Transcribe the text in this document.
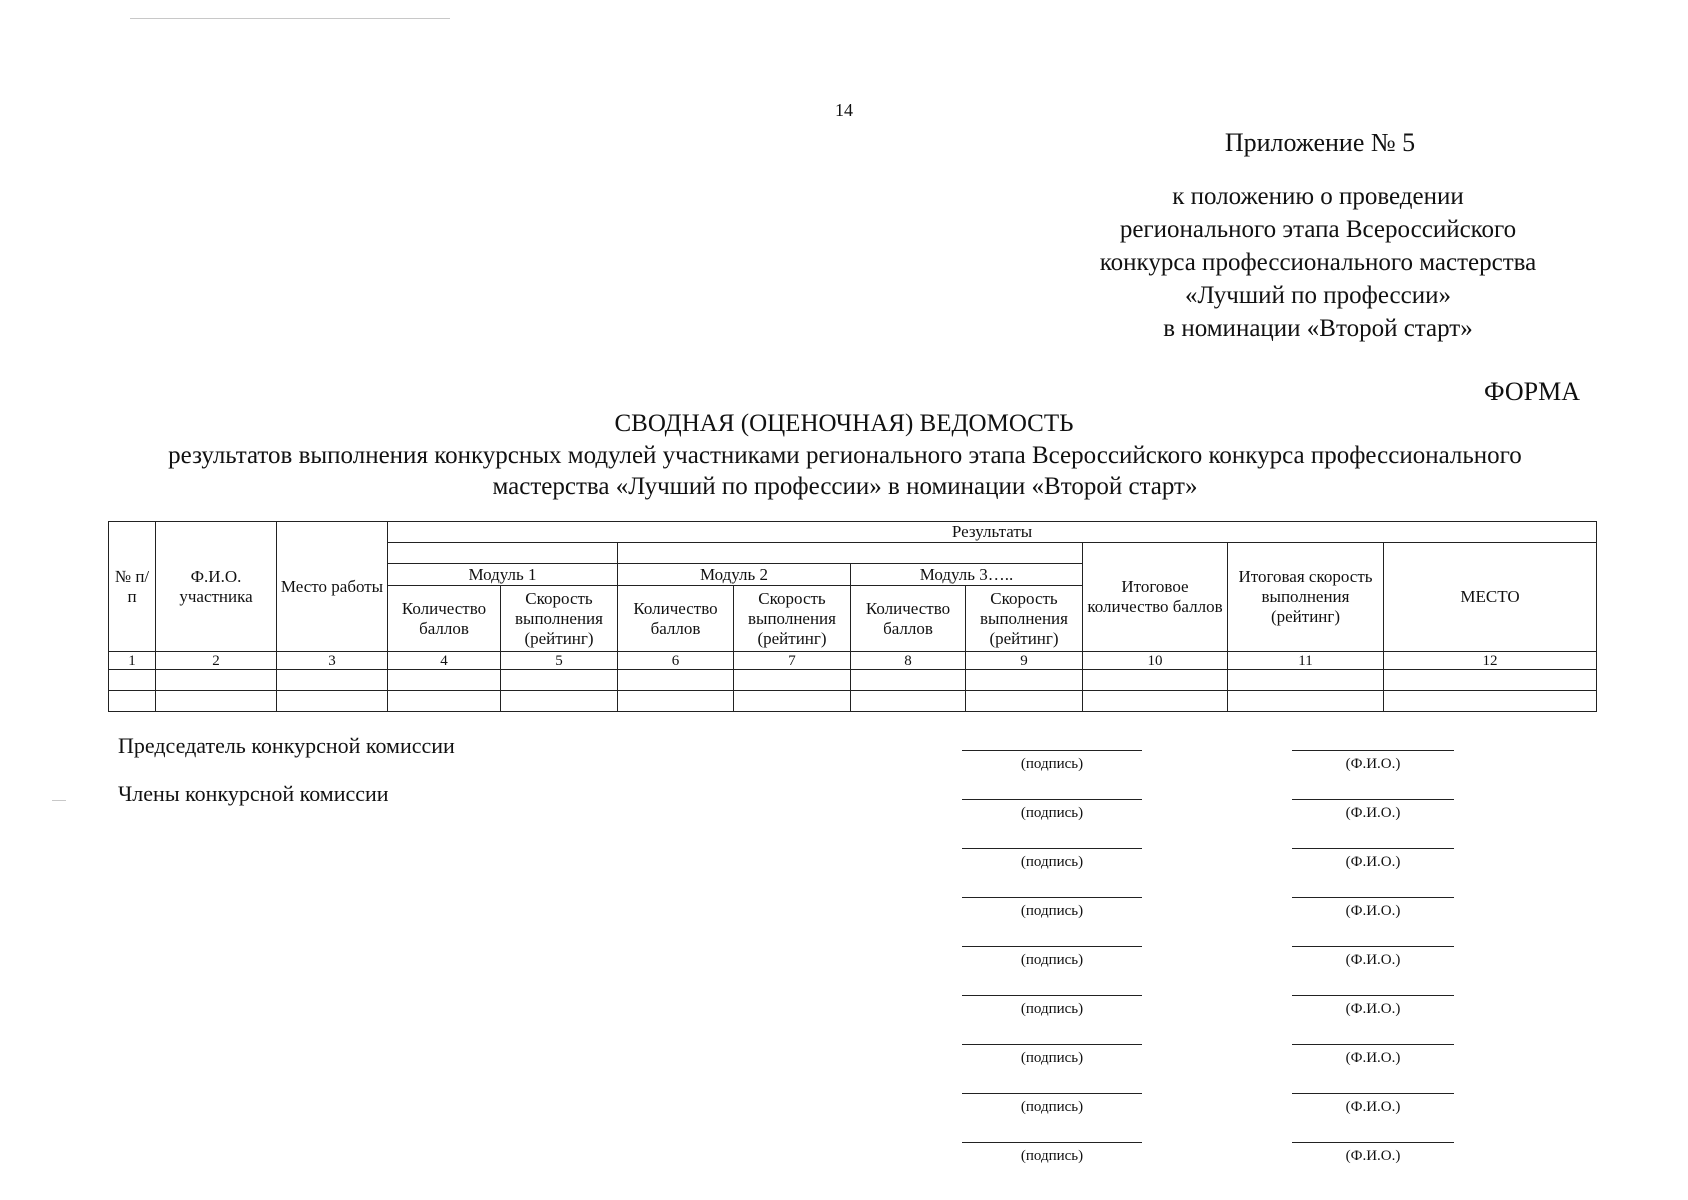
14
Приложение № 5
к положению о проведении
регионального этапа Всероссийского
конкурса профессионального мастерства
«Лучший по профессии»
в номинации «Второй старт»
ФОРМА
СВОДНАЯ (ОЦЕНОЧНАЯ) ВЕДОМОСТЬ
результатов выполнения конкурсных модулей участниками регионального этапа Всероссийского конкурса профессионального
мастерства «Лучший по профессии» в номинации «Второй старт»
№ п/п	Ф.И.О. участника	Место работы	Результаты								
									Итоговое количество баллов	Итоговая скорость выполнения (рейтинг)	МЕСТО
			Модуль 1		Модуль 2		Модуль 3…..				
			Количество баллов	Скорость выполнения (рейтинг)	Количество баллов	Скорость выполнения (рейтинг)	Количество баллов	Скорость выполнения (рейтинг)			
1	2	3	4	5	6	7	8	9	10	11	12

Председатель конкурсной комиссии
Члены конкурсной комиссии
(подпись)	(Ф.И.О.)
(подпись)	(Ф.И.О.)
(подпись)	(Ф.И.О.)
(подпись)	(Ф.И.О.)
(подпись)	(Ф.И.О.)
(подпись)	(Ф.И.О.)
(подпись)	(Ф.И.О.)
(подпись)	(Ф.И.О.)
(подпись)	(Ф.И.О.)
